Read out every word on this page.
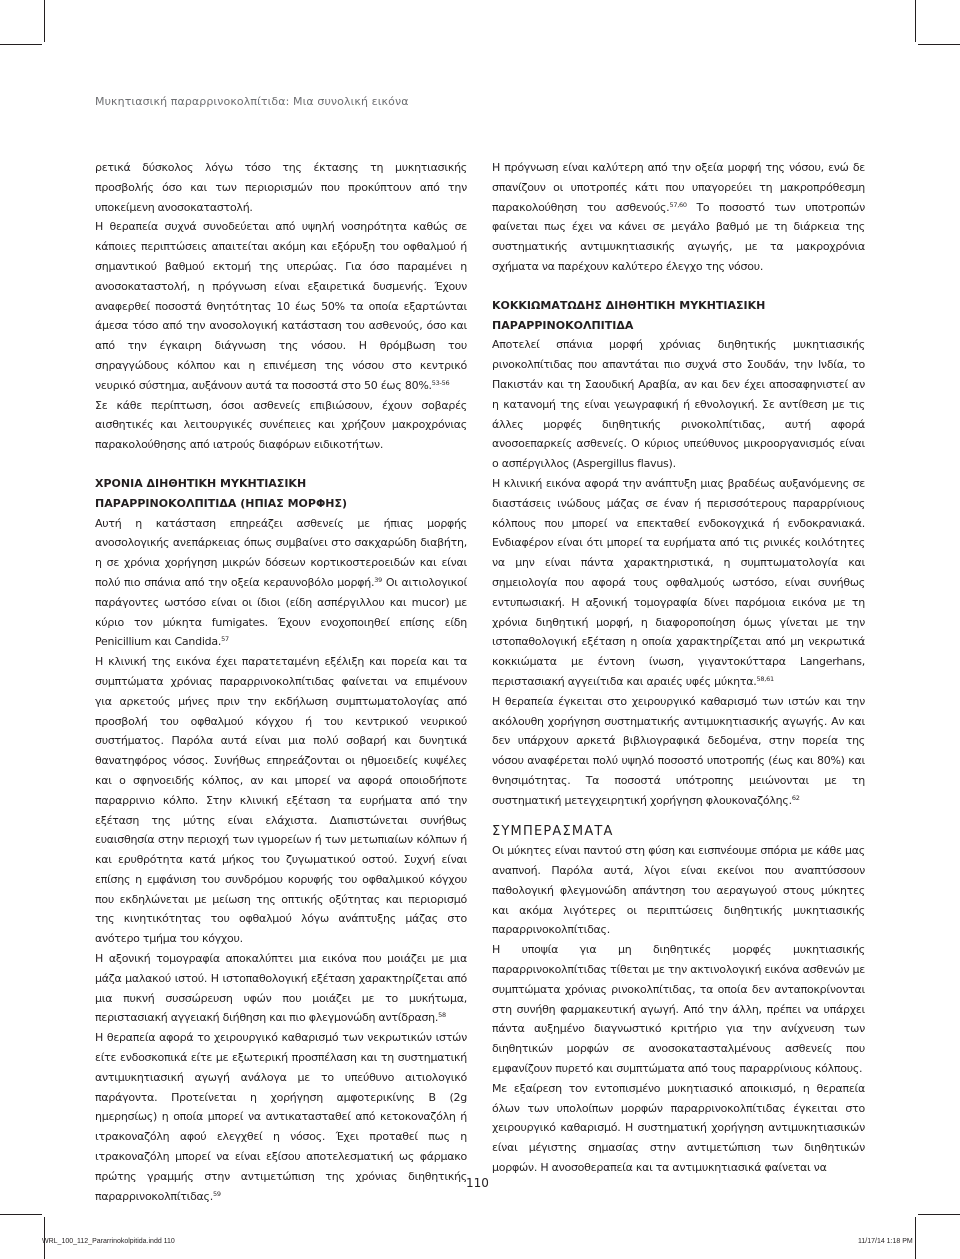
Μυκητιασική παραρρινοκολπίτιδα: Μια συνολική εικόνα

ρετικά δύσκολος λόγω τόσο της έκτασης τη μυκητιασικής προσβολής όσο και των περιορισμών που προκύπτουν από την υποκείμενη ανοσοκαταστολή.

Η θεραπεία συχνά συνοδεύεται από υψηλή νοσηρότητα καθώς σε κάποιες περιπτώσεις απαιτείται ακόμη και εξόρυξη του οφθαλμού ή σημαντικού βαθμού εκτομή της υπερώας. Για όσο παραμένει η ανοσοκαταστολή, η πρόγνωση είναι εξαιρετικά δυσμενής. Έχουν αναφερθεί ποσοστά θνητότητας 10 έως 50% τα οποία εξαρτώνται άμεσα τόσο από την ανοσολογική κατάσταση του ασθενούς, όσο και από την έγκαιρη διάγνωση της νόσου. Η θρόμβωση του σηραγγώδους κόλπου και η επινέμεση της νόσου στο κεντρικό νευρικό σύστημα, αυξάνουν αυτά τα ποσοστά στο 50 έως 80%.$^{53-56}$

Σε κάθε περίπτωση, όσοι ασθενείς επιβιώσουν, έχουν σοβαρές αισθητικές και λειτουργικές συνέπειες και χρήζουν μακροχρόνιας παρακολούθησης από ιατρούς διαφόρων ειδικοτήτων.

ΧΡΟΝΙΑ ΔΙΗΘΗΤΙΚΗ ΜΥΚΗΤΙΑΣΙΚΗ
ΠΑΡΑΡΡΙΝΟΚΟΛΠΙΤΙΔΑ (ΗΠΙΑΣ ΜΟΡΦΗΣ)

Αυτή η κατάσταση επηρεάζει ασθενείς με ήπιας μορφής ανοσολογικής ανεπάρκειας όπως συμβαίνει στο σακχαρώδη διαβήτη, η σε χρόνια χορήγηση μικρών δόσεων κορτικοστεροειδών και είναι πολύ πιο σπάνια από την οξεία κεραυνοβόλο μορφή.$^{39}$ Οι αιτιολογικοί παράγοντες ωστόσο είναι οι ίδιοι (είδη ασπέργιλλου και mucor) με κύριο τον μύκητα fumigates. Έχουν ενοχοποιηθεί επίσης είδη Penicillium και Candida.$^{57}$

Η κλινική της εικόνα έχει παρατεταμένη εξέλιξη και πορεία και τα συμπτώματα χρόνιας παραρρινοκολπίτιδας φαίνεται να επιμένουν για αρκετούς μήνες πριν την εκδήλωση συμπτωματολογίας από προσβολή του οφθαλμού κόγχου ή του κεντρικού νευρικού συστήματος. Παρόλα αυτά είναι μια πολύ σοβαρή και δυνητικά θανατηφόρος νόσος. Συνήθως επηρεάζονται οι ηθμοειδείς κυψέλες και ο σφηνοειδής κόλπος, αν και μπορεί να αφορά οποιοδήποτε παραρρινιο κόλπο. Στην κλινική εξέταση τα ευρήματα από την εξέταση της μύτης είναι ελάχιστα. Διαπιστώνεται συνήθως ευαισθησία στην περιοχή των ιγμορείων ή των μετωπιαίων κόλπων ή και ερυθρότητα κατά μήκος του ζυγωματικού οστού. Συχνή είναι επίσης η εμφάνιση του συνδρόμου κορυφής του οφθαλμικού κόγχου που εκδηλώνεται με μείωση της οπτικής οξύτητας και περιορισμό της κινητικότητας του οφθαλμού λόγω ανάπτυξης μάζας στο ανότερο τμήμα του κόγχου.

Η αξονική τομογραφία αποκαλύπτει μια εικόνα που μοιάζει με μια μάζα μαλακού ιστού. Η ιστοπαθολογική εξέταση χαρακτηρίζεται από μια πυκνή συσσώρευση υφών που μοιάζει με το μυκήτωμα, περιστασιακή αγγειακή διήθηση και πιο φλεγμονώδη αντίδραση.$^{58}$

Η θεραπεία αφορά το χειρουργικό καθαρισμό των νεκρωτικών ιστών είτε ενδοσκοπικά είτε με εξωτερική προσπέλαση και τη συστηματική αντιμυκητιασική αγωγή ανάλογα με το υπεύθυνο αιτιολογικό παράγοντα. Προτείνεται η χορήγηση αμφοτερικίνης B (2g ημερησίως) η οποία μπορεί να αντικατασταθεί από κετοκοναζόλη ή ιτρακοναζόλη αφού ελεγχθεί η νόσος. Έχει προταθεί πως η ιτρακοναζόλη μπορεί να είναι εξίσου αποτελεσματική ως φάρμακο πρώτης γραμμής στην αντιμετώπιση της χρόνιας διηθητικής παραρρινοκολπίτιδας.$^{59}$

Η πρόγνωση είναι καλύτερη από την οξεία μορφή της νόσου, ενώ δε σπανίζουν οι υποτροπές κάτι που υπαγορεύει τη μακροπρόθεσμη παρακολούθηση του ασθενούς.$^{57,60}$ Το ποσοστό των υποτροπών φαίνεται πως έχει να κάνει σε μεγάλο βαθμό με τη διάρκεια της συστηματικής αντιμυκητιασικής αγωγής, με τα μακροχρόνια σχήματα να παρέχουν καλύτερο έλεγχο της νόσου.

ΚΟΚΚΙΩΜΑΤΩΔΗΣ ΔΙΗΘΗΤΙΚΗ ΜΥΚΗΤΙΑΣΙΚΗ
ΠΑΡΑΡΡΙΝΟΚΟΛΠΙΤΙΔΑ

Αποτελεί σπάνια μορφή χρόνιας διηθητικής μυκητιασικής ρινοκολπίτιδας που απαντάται πιο συχνά στο Σουδάν, την Ινδία, το Πακιστάν και τη Σαουδική Αραβία, αν και δεν έχει αποσαφηνιστεί αν η κατανομή της είναι γεωγραφική ή εθνολογική. Σε αντίθεση με τις άλλες μορφές διηθητικής ρινοκολπίτιδας, αυτή αφορά ανοσοεπαρκείς ασθενείς. Ο κύριος υπεύθυνος μικροοργανισμός είναι ο ασπέργιλλος (Aspergillus flavus).

Η κλινική εικόνα αφορά την ανάπτυξη μιας βραδέως αυξανόμενης σε διαστάσεις ινώδους μάζας σε έναν ή περισσότερους παραρρίνιους κόλπους που μπορεί να επεκταθεί ενδοκογχικά ή ενδοκρανιακά. Ενδιαφέρον είναι ότι μπορεί τα ευρήματα από τις ρινικές κοιλότητες να μην είναι πάντα χαρακτηριστικά, η συμπτωματολογία και σημειολογία που αφορά τους οφθαλμούς ωστόσο, είναι συνήθως εντυπωσιακή. Η αξονική τομογραφία δίνει παρόμοια εικόνα με τη χρόνια διηθητική μορφή, η διαφοροποίηση όμως γίνεται με την ιστοπαθολογική εξέταση η οποία χαρακτηρίζεται από μη νεκρωτικά κοκκιώματα με έντονη ίνωση, γιγαντοκύτταρα Langerhans, περιστασιακή αγγειίτιδα και αραιές υφές μύκητα.$^{58,61}$

Η θεραπεία έγκειται στο χειρουργικό καθαρισμό των ιστών και την ακόλουθη χορήγηση συστηματικής αντιμυκητιασικής αγωγής. Αν και δεν υπάρχουν αρκετά βιβλιογραφικά δεδομένα, στην πορεία της νόσου αναφέρεται πολύ υψηλό ποσοστό υποτροπής (έως και 80%) και θνησιμότητας. Τα ποσοστά υπότροπης μειώνονται με τη συστηματική μετεγχειρητική χορήγηση φλουκοναζόλης.$^{62}$

ΣΥΜΠΕΡΑΣΜΑΤΑ

Οι μύκητες είναι παντού στη φύση και εισπνέουμε σπόρια με κάθε μας αναπνοή. Παρόλα αυτά, λίγοι είναι εκείνοι που αναπτύσσουν παθολογική φλεγμονώδη απάντηση του αεραγωγού στους μύκητες και ακόμα λιγότερες οι περιπτώσεις διηθητικής μυκητιασικής παραρρινοκολπίτιδας.

Η υποψία για μη διηθητικές μορφές μυκητιασικής παραρρινοκολπίτιδας τίθεται με την ακτινολογική εικόνα ασθενών με συμπτώματα χρόνιας ρινοκολπίτιδας, τα οποία δεν ανταποκρίνονται στη συνήθη φαρμακευτική αγωγή. Από την άλλη, πρέπει να υπάρχει πάντα αυξημένο διαγνωστικό κριτήριο για την ανίχνευση των διηθητικών μορφών σε ανοσοκατασταλμένους ασθενείς που εμφανίζουν πυρετό και συμπτώματα από τους παραρρίνιους κόλπους.

Με εξαίρεση τον εντοπισμένο μυκητιασικό αποικισμό, η θεραπεία όλων των υπολοίπων μορφών παραρρινοκολπίτιδας έγκειται στο χειρουργικό καθαρισμό. Η συστηματική χορήγηση αντιμυκητιασικών είναι μέγιστης σημασίας στην αντιμετώπιση των διηθητικών μορφών. Η ανοσοθεραπεία και τα αντιμυκητιασικά φαίνεται να

110
WRL_100_112_Pararrinokolpitida.indd 110	11/17/14 1:18 PM
